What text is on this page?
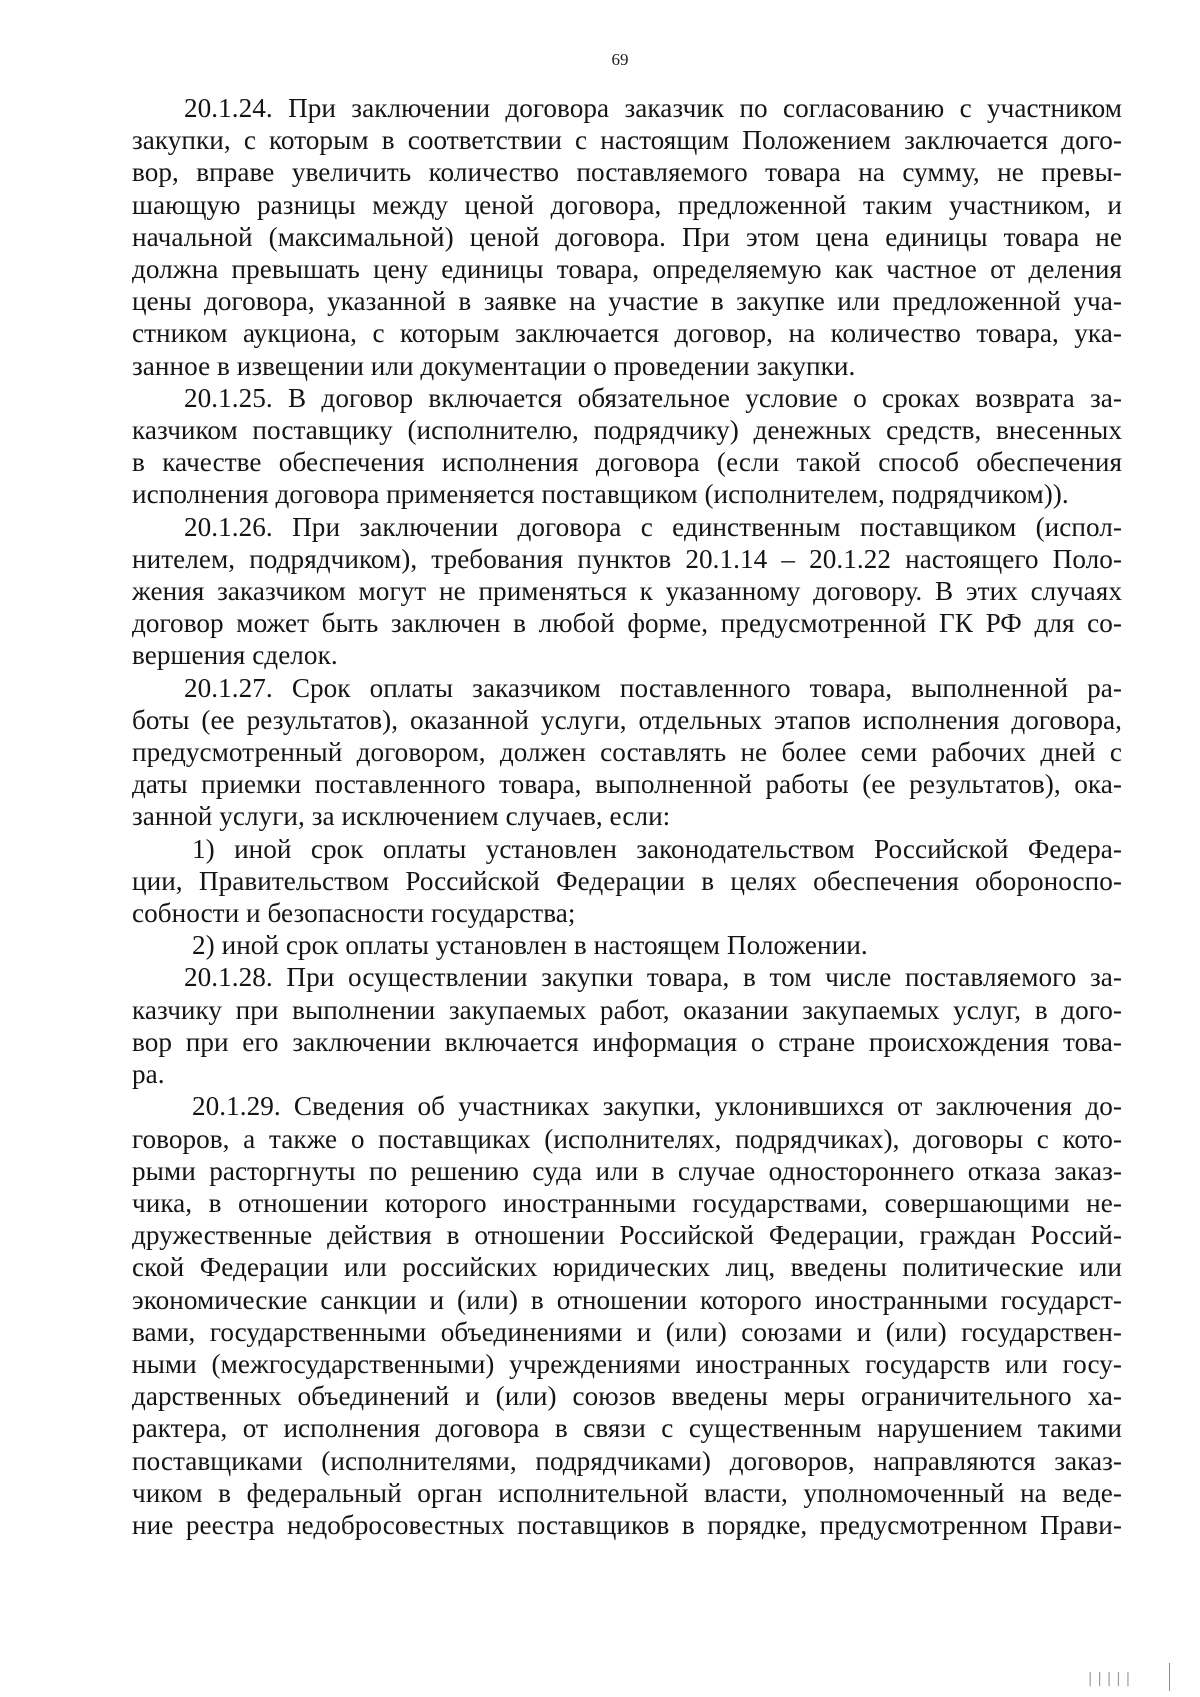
69
20.1.24. При заключении договора заказчик по согласованию с участником
закупки, с которым в соответствии с настоящим Положением заключается дого-
вор, вправе увеличить количество поставляемого товара на сумму, не превы-
шающую разницы между ценой договора, предложенной таким участником, и
начальной (максимальной) ценой договора. При этом цена единицы товара не
должна превышать цену единицы товара, определяемую как частное от деления
цены договора, указанной в заявке на участие в закупке или предложенной уча-
стником аукциона, с которым заключается договор, на количество товара, ука-
занное в извещении или документации о проведении закупки.
20.1.25. В договор включается обязательное условие о сроках возврата за-
казчиком поставщику (исполнителю, подрядчику) денежных средств, внесенных
в качестве обеспечения исполнения договора (если такой способ обеспечения
исполнения договора применяется поставщиком (исполнителем, подрядчиком)).
20.1.26. При заключении договора с единственным поставщиком (испол-
нителем, подрядчиком), требования пунктов 20.1.14 – 20.1.22 настоящего Поло-
жения заказчиком могут не применяться к указанному договору. В этих случаях
договор может быть заключен в любой форме, предусмотренной ГК РФ для со-
вершения сделок.
20.1.27. Срок оплаты заказчиком поставленного товара, выполненной ра-
боты (ее результатов), оказанной услуги, отдельных этапов исполнения договора,
предусмотренный договором, должен составлять не более семи рабочих дней с
даты приемки поставленного товара, выполненной работы (ее результатов), ока-
занной услуги, за исключением случаев, если:
1) иной срок оплаты установлен законодательством Российской Федера-
ции, Правительством Российской Федерации в целях обеспечения обороноспо-
собности и безопасности государства;
2) иной срок оплаты установлен в настоящем Положении.
20.1.28. При осуществлении закупки товара, в том числе поставляемого за-
казчику при выполнении закупаемых работ, оказании закупаемых услуг, в дого-
вор при его заключении включается информация о стране происхождения това-
ра.
20.1.29. Сведения об участниках закупки, уклонившихся от заключения до-
говоров, а также о поставщиках (исполнителях, подрядчиках), договоры с кото-
рыми расторгнуты по решению суда или в случае одностороннего отказа заказ-
чика, в отношении которого иностранными государствами, совершающими не-
дружественные действия в отношении Российской Федерации, граждан Россий-
ской Федерации или российских юридических лиц, введены политические или
экономические санкции и (или) в отношении которого иностранными государст-
вами, государственными объединениями и (или) союзами и (или) государствен-
ными (межгосударственными) учреждениями иностранных государств или госу-
дарственных объединений и (или) союзов введены меры ограничительного ха-
рактера, от исполнения договора в связи с существенным нарушением такими
поставщиками (исполнителями, подрядчиками) договоров, направляются заказ-
чиком в федеральный орган исполнительной власти, уполномоченный на веде-
ние реестра недобросовестных поставщиков в порядке, предусмотренном Прави-
|||||
